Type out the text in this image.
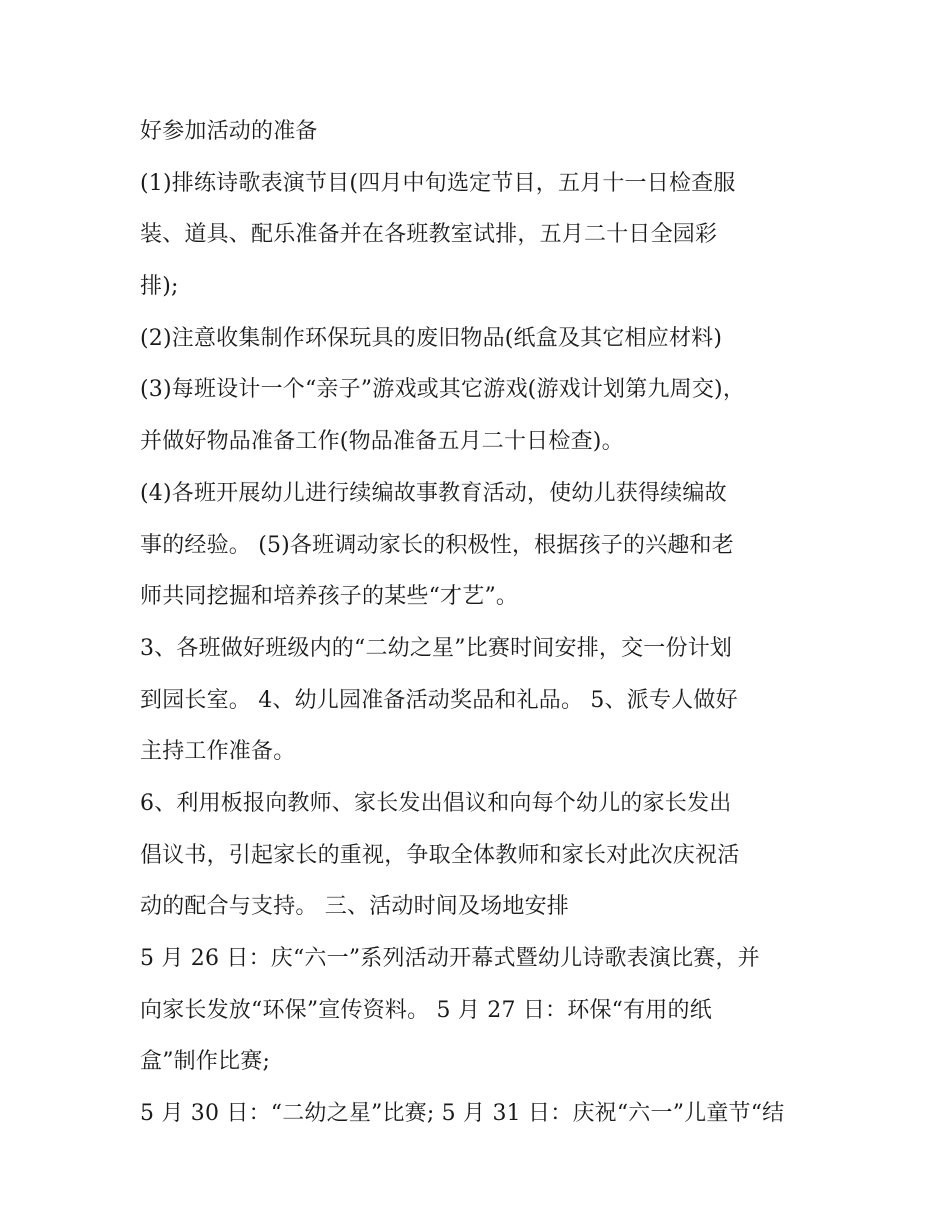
好参加活动的准备
(1)排练诗歌表演节目(四月中旬选定节目，五月十一日检查服
装、道具、配乐准备并在各班教室试排，五月二十日全园彩
排);
(2)注意收集制作环保玩具的废旧物品(纸盒及其它相应材料)
(3)每班设计一个“亲子”游戏或其它游戏(游戏计划第九周交)，
并做好物品准备工作(物品准备五月二十日检查)。
(4)各班开展幼儿进行续编故事教育活动，使幼儿获得续编故
事的经验。 (5)各班调动家长的积极性，根据孩子的兴趣和老
师共同挖掘和培养孩子的某些“才艺”。
3、各班做好班级内的“二幼之星”比赛时间安排，交一份计划
到园长室。 4、幼儿园准备活动奖品和礼品。 5、派专人做好
主持工作准备。
6、利用板报向教师、家长发出倡议和向每个幼儿的家长发出
倡议书，引起家长的重视，争取全体教师和家长对此次庆祝活
动的配合与支持。 三、活动时间及场地安排
5 月 26 日：庆“六一”系列活动开幕式暨幼儿诗歌表演比赛，并
向家长发放“环保”宣传资料。 5 月 27 日：环保“有用的纸
盒”制作比赛;
5 月 30 日：“二幼之星”比赛; 5 月 31 日：庆祝“六一”儿童节“结
